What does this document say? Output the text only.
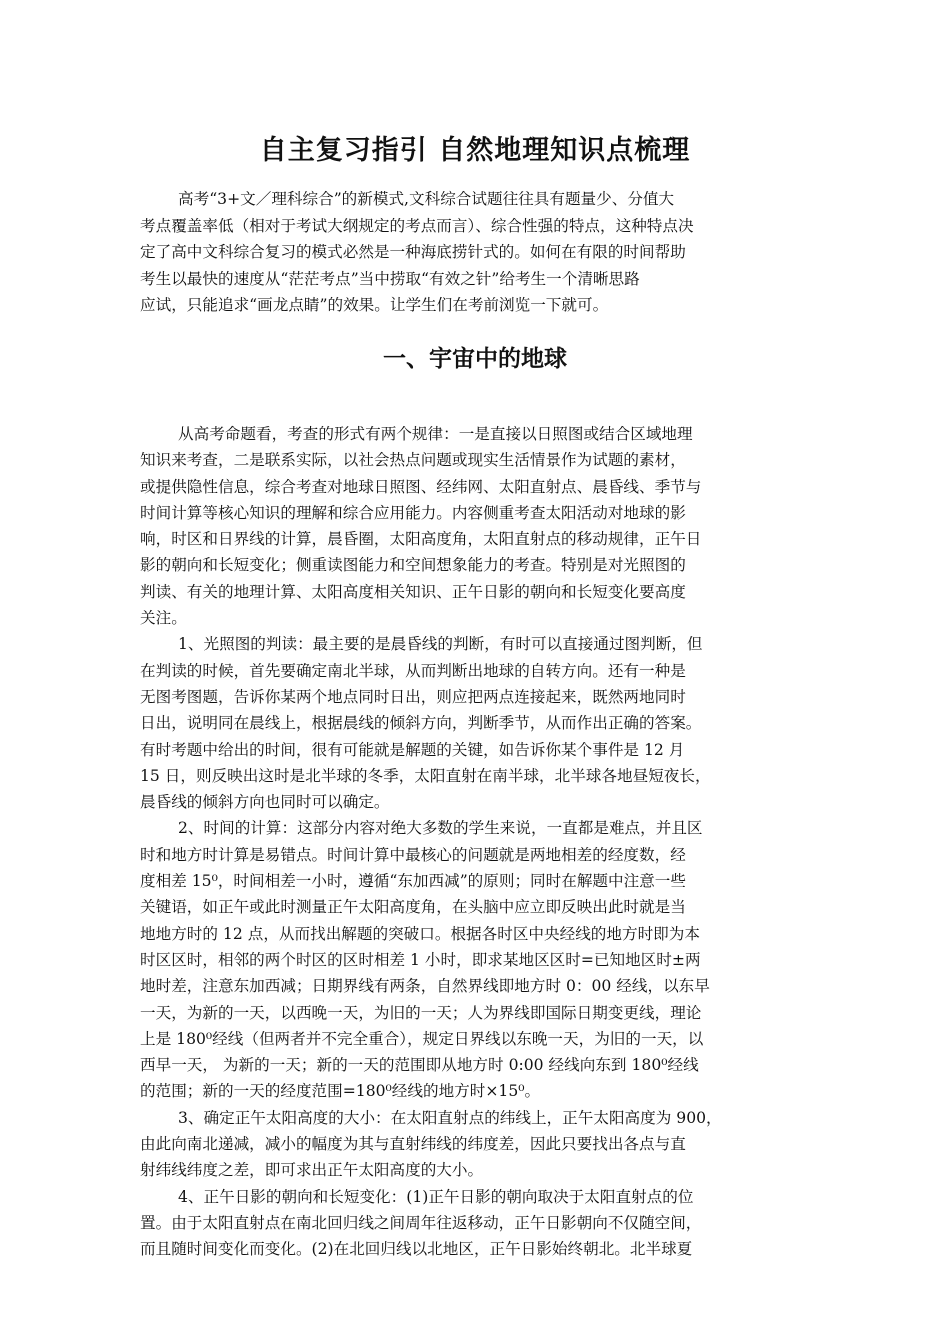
自主复习指引 自然地理知识点梳理
高考“3+文／理科综合”的新模式,文科综合试题往往具有题量少、分值大
考点覆盖率低（相对于考试大纲规定的考点而言）、综合性强的特点，这种特点决
定了高中文科综合复习的模式必然是一种海底捞针式的。如何在有限的时间帮助
考生以最快的速度从“茫茫考点”当中捞取“有效之针”给考生一个清晰思路
应试，只能追求“画龙点睛”的效果。让学生们在考前浏览一下就可。
一、宇宙中的地球
从高考命题看，考查的形式有两个规律：一是直接以日照图或结合区域地理
知识来考查，二是联系实际，以社会热点问题或现实生活情景作为试题的素材，
或提供隐性信息，综合考查对地球日照图、经纬网、太阳直射点、晨昏线、季节与
时间计算等核心知识的理解和综合应用能力。内容侧重考查太阳活动对地球的影
响，时区和日界线的计算，晨昏圈，太阳高度角，太阳直射点的移动规律，正午日
影的朝向和长短变化；侧重读图能力和空间想象能力的考查。特别是对光照图的
判读、有关的地理计算、太阳高度相关知识、正午日影的朝向和长短变化要高度
关注。
1、光照图的判读：最主要的是晨昏线的判断，有时可以直接通过图判断，但
在判读的时候，首先要确定南北半球，从而判断出地球的自转方向。还有一种是
无图考图题，告诉你某两个地点同时日出，则应把两点连接起来，既然两地同时
日出，说明同在晨线上，根据晨线的倾斜方向，判断季节，从而作出正确的答案。
有时考题中给出的时间，很有可能就是解题的关键，如告诉你某个事件是 12 月
15 日，则反映出这时是北半球的冬季，太阳直射在南半球，北半球各地昼短夜长，
晨昏线的倾斜方向也同时可以确定。
2、时间的计算：这部分内容对绝大多数的学生来说，一直都是难点，并且区
时和地方时计算是易错点。时间计算中最核心的问题就是两地相差的经度数，经
度相差 15⁰，时间相差一小时，遵循“东加西减”的原则；同时在解题中注意一些
关键语，如正午或此时测量正午太阳高度角，在头脑中应立即反映出此时就是当
地地方时的 12 点，从而找出解题的突破口。根据各时区中央经线的地方时即为本
时区区时，相邻的两个时区的区时相差 1 小时，即求某地区区时=已知地区时±两
地时差，注意东加西减；日期界线有两条，自然界线即地方时 0：00 经线，以东早
一天，为新的一天，以西晚一天，为旧的一天；人为界线即国际日期变更线，理论
上是 180⁰经线（但两者并不完全重合），规定日界线以东晚一天，为旧的一天，以
西早一天， 为新的一天；新的一天的范围即从地方时 0:00 经线向东到 180⁰经线
的范围；新的一天的经度范围=180⁰经线的地方时×15⁰。
3、确定正午太阳高度的大小：在太阳直射点的纬线上，正午太阳高度为 900，
由此向南北递减，减小的幅度为其与直射纬线的纬度差，因此只要找出各点与直
射纬线纬度之差，即可求出正午太阳高度的大小。
4、正午日影的朝向和长短变化：(1)正午日影的朝向取决于太阳直射点的位
置。由于太阳直射点在南北回归线之间周年往返移动，正午日影朝向不仅随空间，
而且随时间变化而变化。(2)在北回归线以北地区，正午日影始终朝北。北半球夏
